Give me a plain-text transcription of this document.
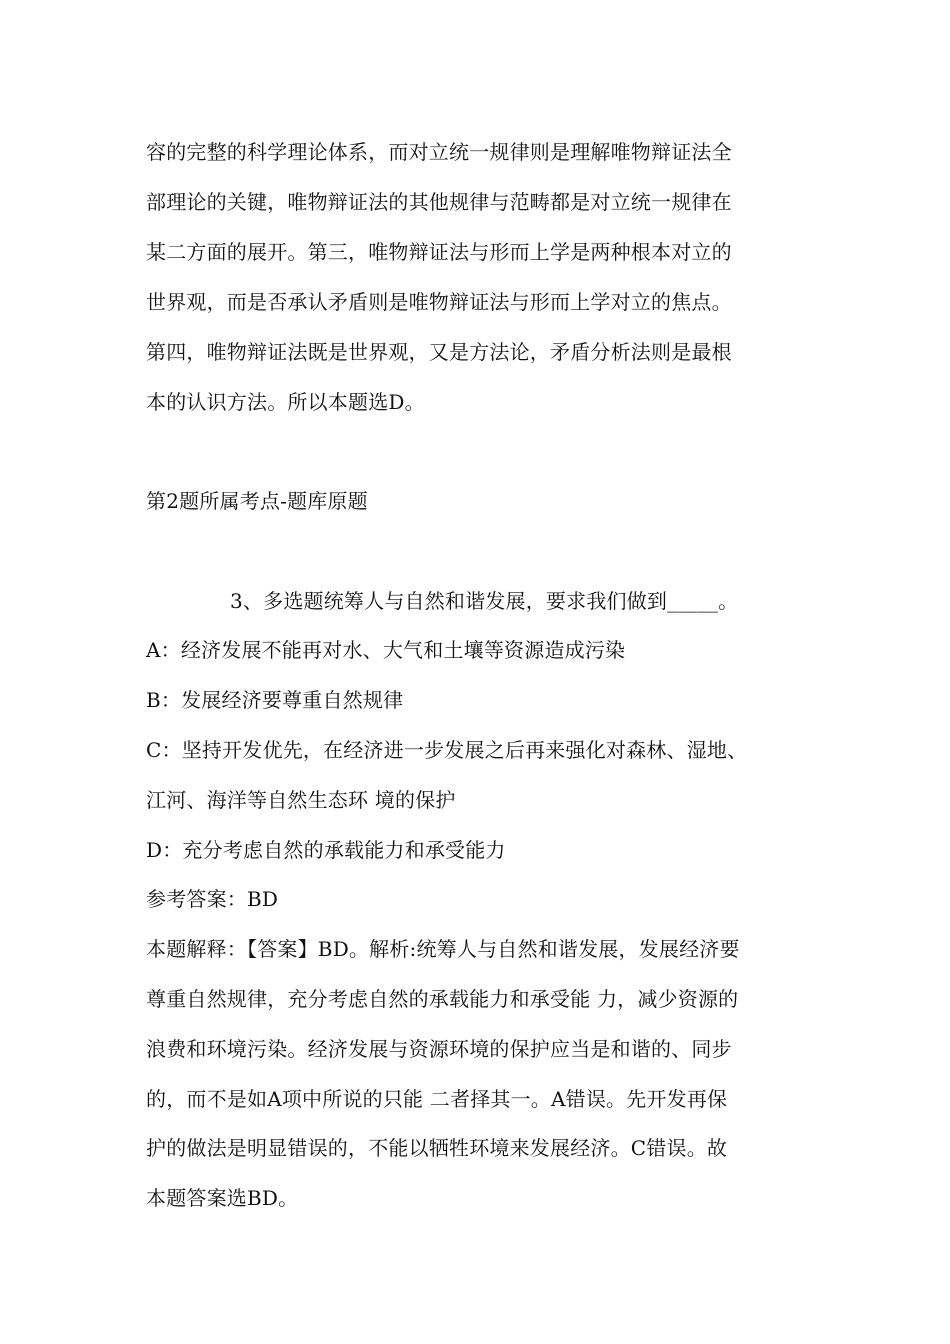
容的完整的科学理论体系，而对立统一规律则是理解唯物辩证法全
部理论的关键，唯物辩证法的其他规律与范畴都是对立统一规律在
某二方面的展开。第三，唯物辩证法与形而上学是两种根本对立的
世界观，而是否承认矛盾则是唯物辩证法与形而上学对立的焦点。
第四，唯物辩证法既是世界观，又是方法论，矛盾分析法则是最根
本的认识方法。所以本题选D。
第2题所属考点-题库原题
3、多选题统筹人与自然和谐发展，要求我们做到_____。
A：经济发展不能再对水、大气和土壤等资源造成污染
B：发展经济要尊重自然规律
C：坚持开发优先，在经济进一步发展之后再来强化对森林、湿地、
江河、海洋等自然生态环 境的保护
D：充分考虑自然的承载能力和承受能力
参考答案：BD
本题解释：【答案】BD。解析:统筹人与自然和谐发展，发展经济要
尊重自然规律，充分考虑自然的承载能力和承受能 力，减少资源的
浪费和环境污染。经济发展与资源环境的保护应当是和谐的、同步
的，而不是如A项中所说的只能 二者择其一。A错误。先开发再保
护的做法是明显错误的，不能以牺牲环境来发展经济。C错误。故
本题答案选BD。
